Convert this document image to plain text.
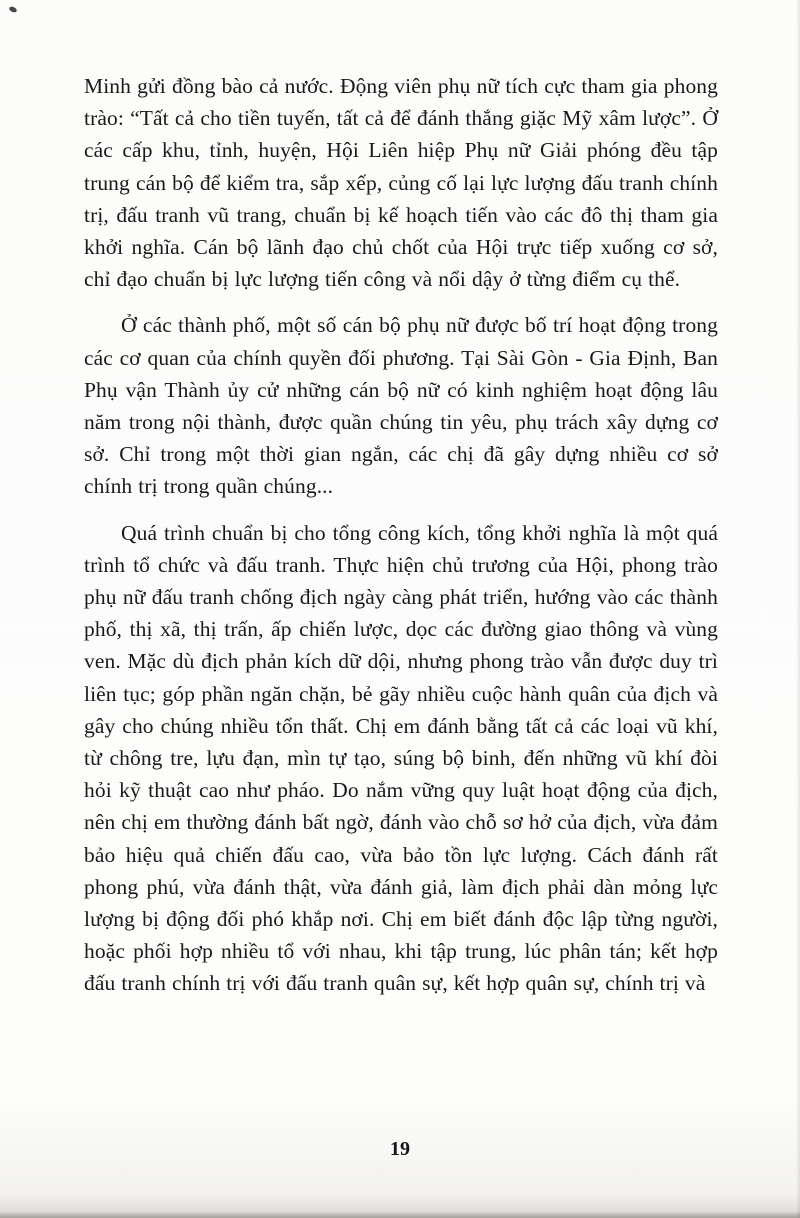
Minh gửi đồng bào cả nước. Động viên phụ nữ tích cực tham gia phong trào: “Tất cả cho tiền tuyến, tất cả để đánh thắng giặc Mỹ xâm lược”. Ở các cấp khu, tỉnh, huyện, Hội Liên hiệp Phụ nữ Giải phóng đều tập trung cán bộ để kiểm tra, sắp xếp, củng cố lại lực lượng đấu tranh chính trị, đấu tranh vũ trang, chuẩn bị kế hoạch tiến vào các đô thị tham gia khởi nghĩa. Cán bộ lãnh đạo chủ chốt của Hội trực tiếp xuống cơ sở, chỉ đạo chuẩn bị lực lượng tiến công và nổi dậy ở từng điểm cụ thể.

Ở các thành phố, một số cán bộ phụ nữ được bố trí hoạt động trong các cơ quan của chính quyền đối phương. Tại Sài Gòn - Gia Định, Ban Phụ vận Thành ủy cử những cán bộ nữ có kinh nghiệm hoạt động lâu năm trong nội thành, được quần chúng tin yêu, phụ trách xây dựng cơ sở. Chỉ trong một thời gian ngắn, các chị đã gây dựng nhiều cơ sở chính trị trong quần chúng...

Quá trình chuẩn bị cho tổng công kích, tổng khởi nghĩa là một quá trình tổ chức và đấu tranh. Thực hiện chủ trương của Hội, phong trào phụ nữ đấu tranh chống địch ngày càng phát triển, hướng vào các thành phố, thị xã, thị trấn, ấp chiến lược, dọc các đường giao thông và vùng ven. Mặc dù địch phản kích dữ dội, nhưng phong trào vẫn được duy trì liên tục; góp phần ngăn chặn, bẻ gãy nhiều cuộc hành quân của địch và gây cho chúng nhiều tổn thất. Chị em đánh bằng tất cả các loại vũ khí, từ chông tre, lựu đạn, mìn tự tạo, súng bộ binh, đến những vũ khí đòi hỏi kỹ thuật cao như pháo. Do nắm vững quy luật hoạt động của địch, nên chị em thường đánh bất ngờ, đánh vào chỗ sơ hở của địch, vừa đảm bảo hiệu quả chiến đấu cao, vừa bảo tồn lực lượng. Cách đánh rất phong phú, vừa đánh thật, vừa đánh giả, làm địch phải dàn mỏng lực lượng bị động đối phó khắp nơi. Chị em biết đánh độc lập từng người, hoặc phối hợp nhiều tổ với nhau, khi tập trung, lúc phân tán; kết hợp đấu tranh chính trị với đấu tranh quân sự, kết hợp quân sự, chính trị và

19
